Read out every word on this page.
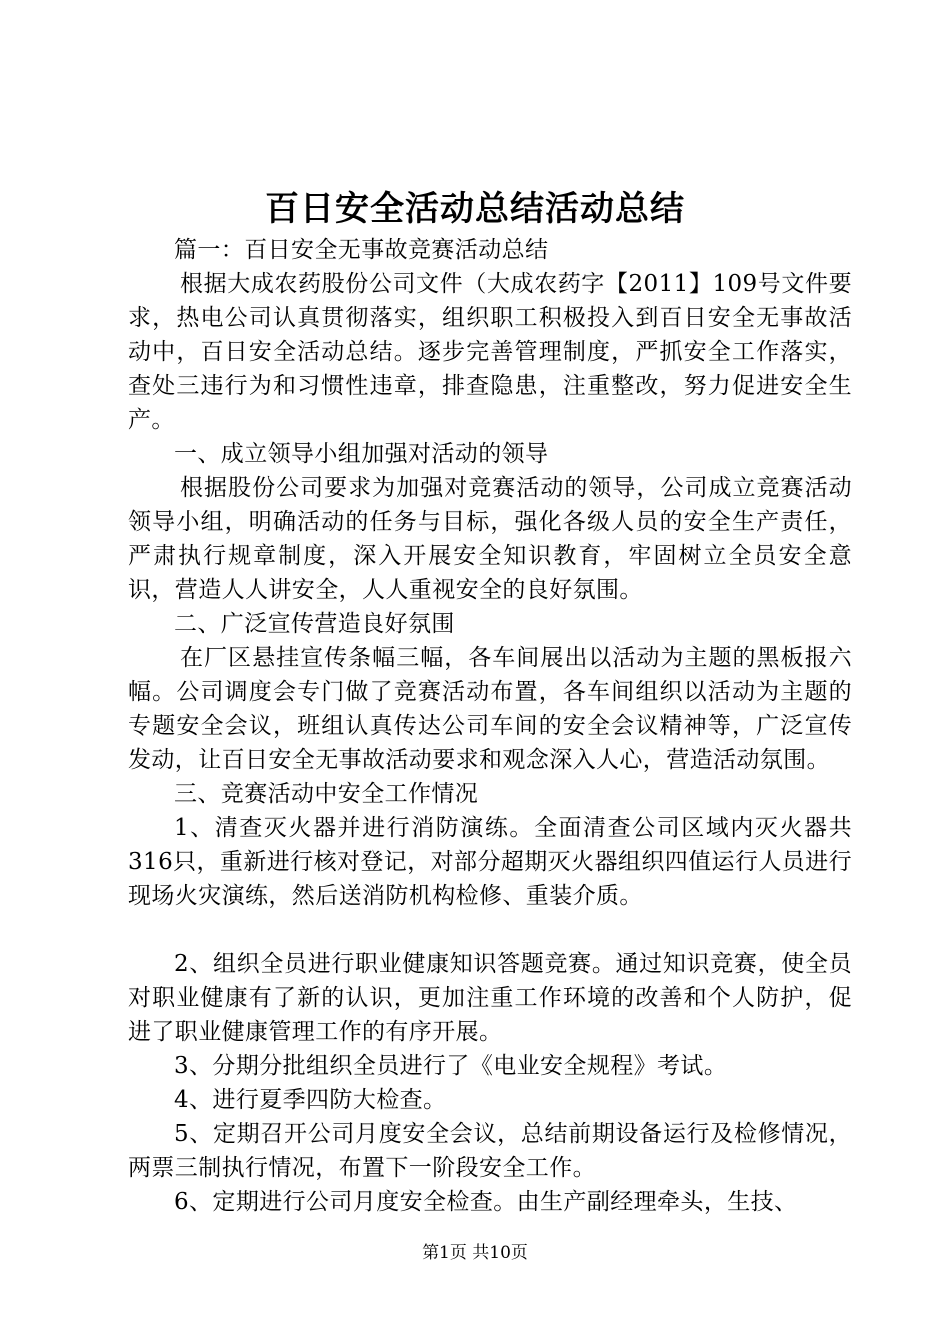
百日安全活动总结活动总结

篇一：百日安全无事故竞赛活动总结

根据大成农药股份公司文件（大成农药字【2011】109号文件要求，热电公司认真贯彻落实，组织职工积极投入到百日安全无事故活动中，百日安全活动总结。逐步完善管理制度，严抓安全工作落实，查处三违行为和习惯性违章，排查隐患，注重整改，努力促进安全生产。

一、成立领导小组加强对活动的领导

根据股份公司要求为加强对竞赛活动的领导，公司成立竞赛活动领导小组，明确活动的任务与目标，强化各级人员的安全生产责任，严肃执行规章制度，深入开展安全知识教育，牢固树立全员安全意识，营造人人讲安全，人人重视安全的良好氛围。

二、广泛宣传营造良好氛围

在厂区悬挂宣传条幅三幅，各车间展出以活动为主题的黑板报六幅。公司调度会专门做了竞赛活动布置，各车间组织以活动为主题的专题安全会议，班组认真传达公司车间的安全会议精神等，广泛宣传发动，让百日安全无事故活动要求和观念深入人心，营造活动氛围。

三、竞赛活动中安全工作情况

1、清查灭火器并进行消防演练。全面清查公司区域内灭火器共316只，重新进行核对登记，对部分超期灭火器组织四值运行人员进行现场火灾演练，然后送消防机构检修、重装介质。

2、组织全员进行职业健康知识答题竞赛。通过知识竞赛，使全员对职业健康有了新的认识，更加注重工作环境的改善和个人防护，促进了职业健康管理工作的有序开展。

3、分期分批组织全员进行了《电业安全规程》考试。

4、进行夏季四防大检查。

5、定期召开公司月度安全会议，总结前期设备运行及检修情况，两票三制执行情况，布置下一阶段安全工作。

6、定期进行公司月度安全检查。由生产副经理牵头，生技、

第1页 共10页
